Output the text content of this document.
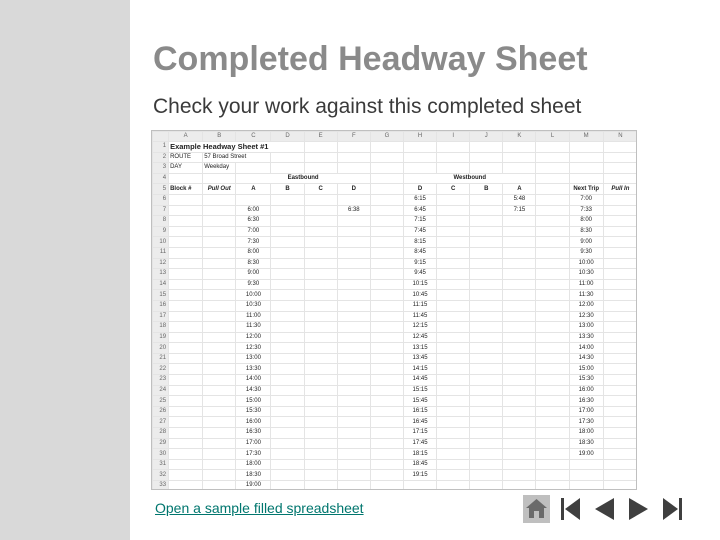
Completed Headway Sheet
Check your work against this completed sheet
	A	B	C	D	E	F	G	H	I	J	K	L	M	N
1	Example Headway Sheet #1													
2	ROUTE	57 Broad Street												
3	DAY	Weekday												
4			Eastbound					Westbound						
5	Block #	Pull Out	A	B	C	D		D	C	B	A		Next Trip	Pull In
6								6:15			5:48		7:00	
7			6:00			6:38		6:45			7:15		7:33	
8			6:30					7:15					8:00	
9			7:00					7:45					8:30	
10			7:30					8:15					9:00	
11			8:00					8:45					9:30	
12			8:30					9:15					10:00	
13			9:00					9:45					10:30	
14			9:30					10:15					11:00	
15			10:00					10:45					11:30	
16			10:30					11:15					12:00	
17			11:00					11:45					12:30	
18			11:30					12:15					13:00	
19			12:00					12:45					13:30	
20			12:30					13:15					14:00	
21			13:00					13:45					14:30	
22			13:30					14:15					15:00	
23			14:00					14:45					15:30	
24			14:30					15:15					16:00	
25			15:00					15:45					16:30	
26			15:30					16:15					17:00	
27			16:00					16:45					17:30	
28			16:30					17:15					18:00	
29			17:00					17:45					18:30	
30			17:30					18:15					19:00	
31			18:00					18:45						
32			18:30					19:15						
33			19:00											
Open a sample filled spreadsheet
